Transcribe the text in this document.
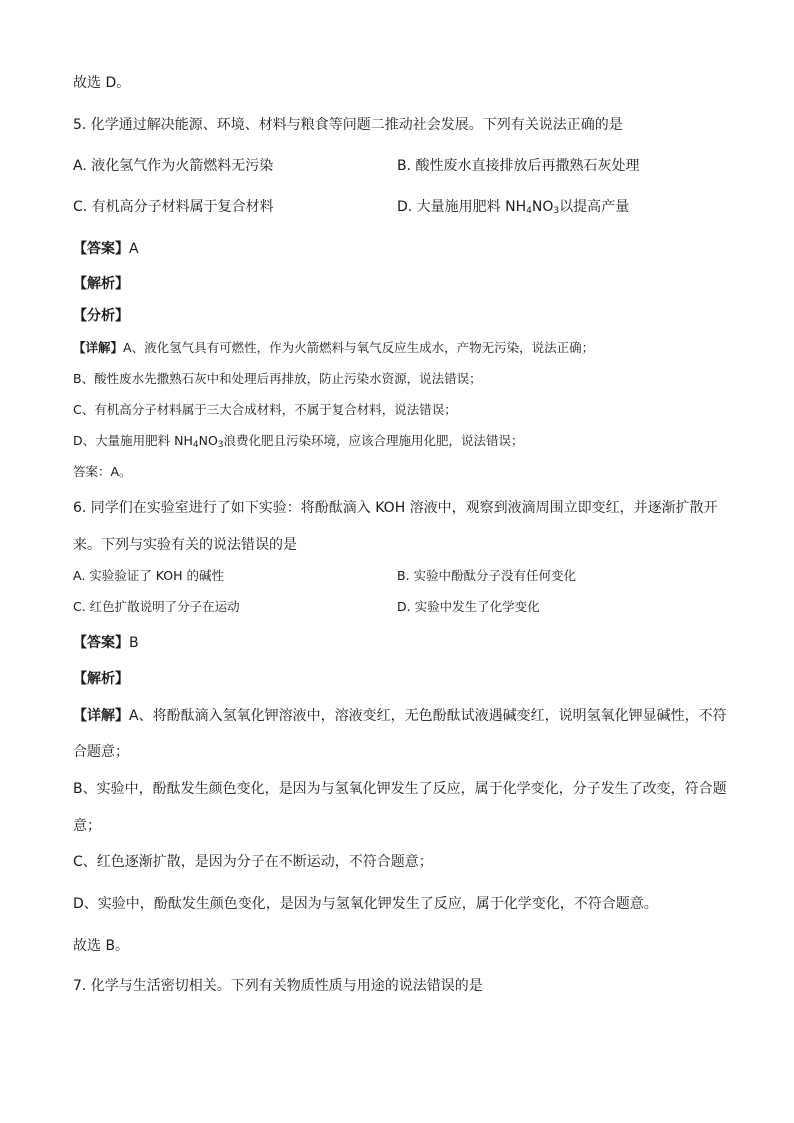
故选 D。
5. 化学通过解决能源、环境、材料与粮食等问题二推动社会发展。下列有关说法正确的是
A. 液化氢气作为火箭燃料无污染	B. 酸性废水直接排放后再撒熟石灰处理
C. 有机高分子材料属于复合材料	D. 大量施用肥料 $NH_4NO_3$以提高产量
【答案】A
【解析】
【分析】
【详解】A、液化氢气具有可燃性，作为火箭燃料与氧气反应生成水，产物无污染，说法正确；
B、酸性废水先撒熟石灰中和处理后再排放，防止污染水资源，说法错误；
C、有机高分子材料属于三大合成材料，不属于复合材料，说法错误；
D、大量施用肥料 $NH_4NO_3$浪费化肥且污染环境，应该合理施用化肥，说法错误；
答案：A。
6. 同学们在实验室进行了如下实验：将酚酞滴入 KOH 溶液中，观察到液滴周围立即变红，并逐渐扩散开
来。下列与实验有关的说法错误的是
A. 实验验证了 KOH 的碱性	B. 实验中酚酞分子没有任何变化
C. 红色扩散说明了分子在运动	D. 实验中发生了化学变化
【答案】B
【解析】
【详解】A、将酚酞滴入氢氧化钾溶液中，溶液变红，无色酚酞试液遇碱变红，说明氢氧化钾显碱性，不符
合题意；
B、实验中，酚酞发生颜色变化，是因为与氢氧化钾发生了反应，属于化学变化，分子发生了改变，符合题
意；
C、红色逐渐扩散，是因为分子在不断运动，不符合题意；
D、实验中，酚酞发生颜色变化，是因为与氢氧化钾发生了反应，属于化学变化，不符合题意。
故选 B。
7. 化学与生活密切相关。下列有关物质性质与用途的说法错误的是
